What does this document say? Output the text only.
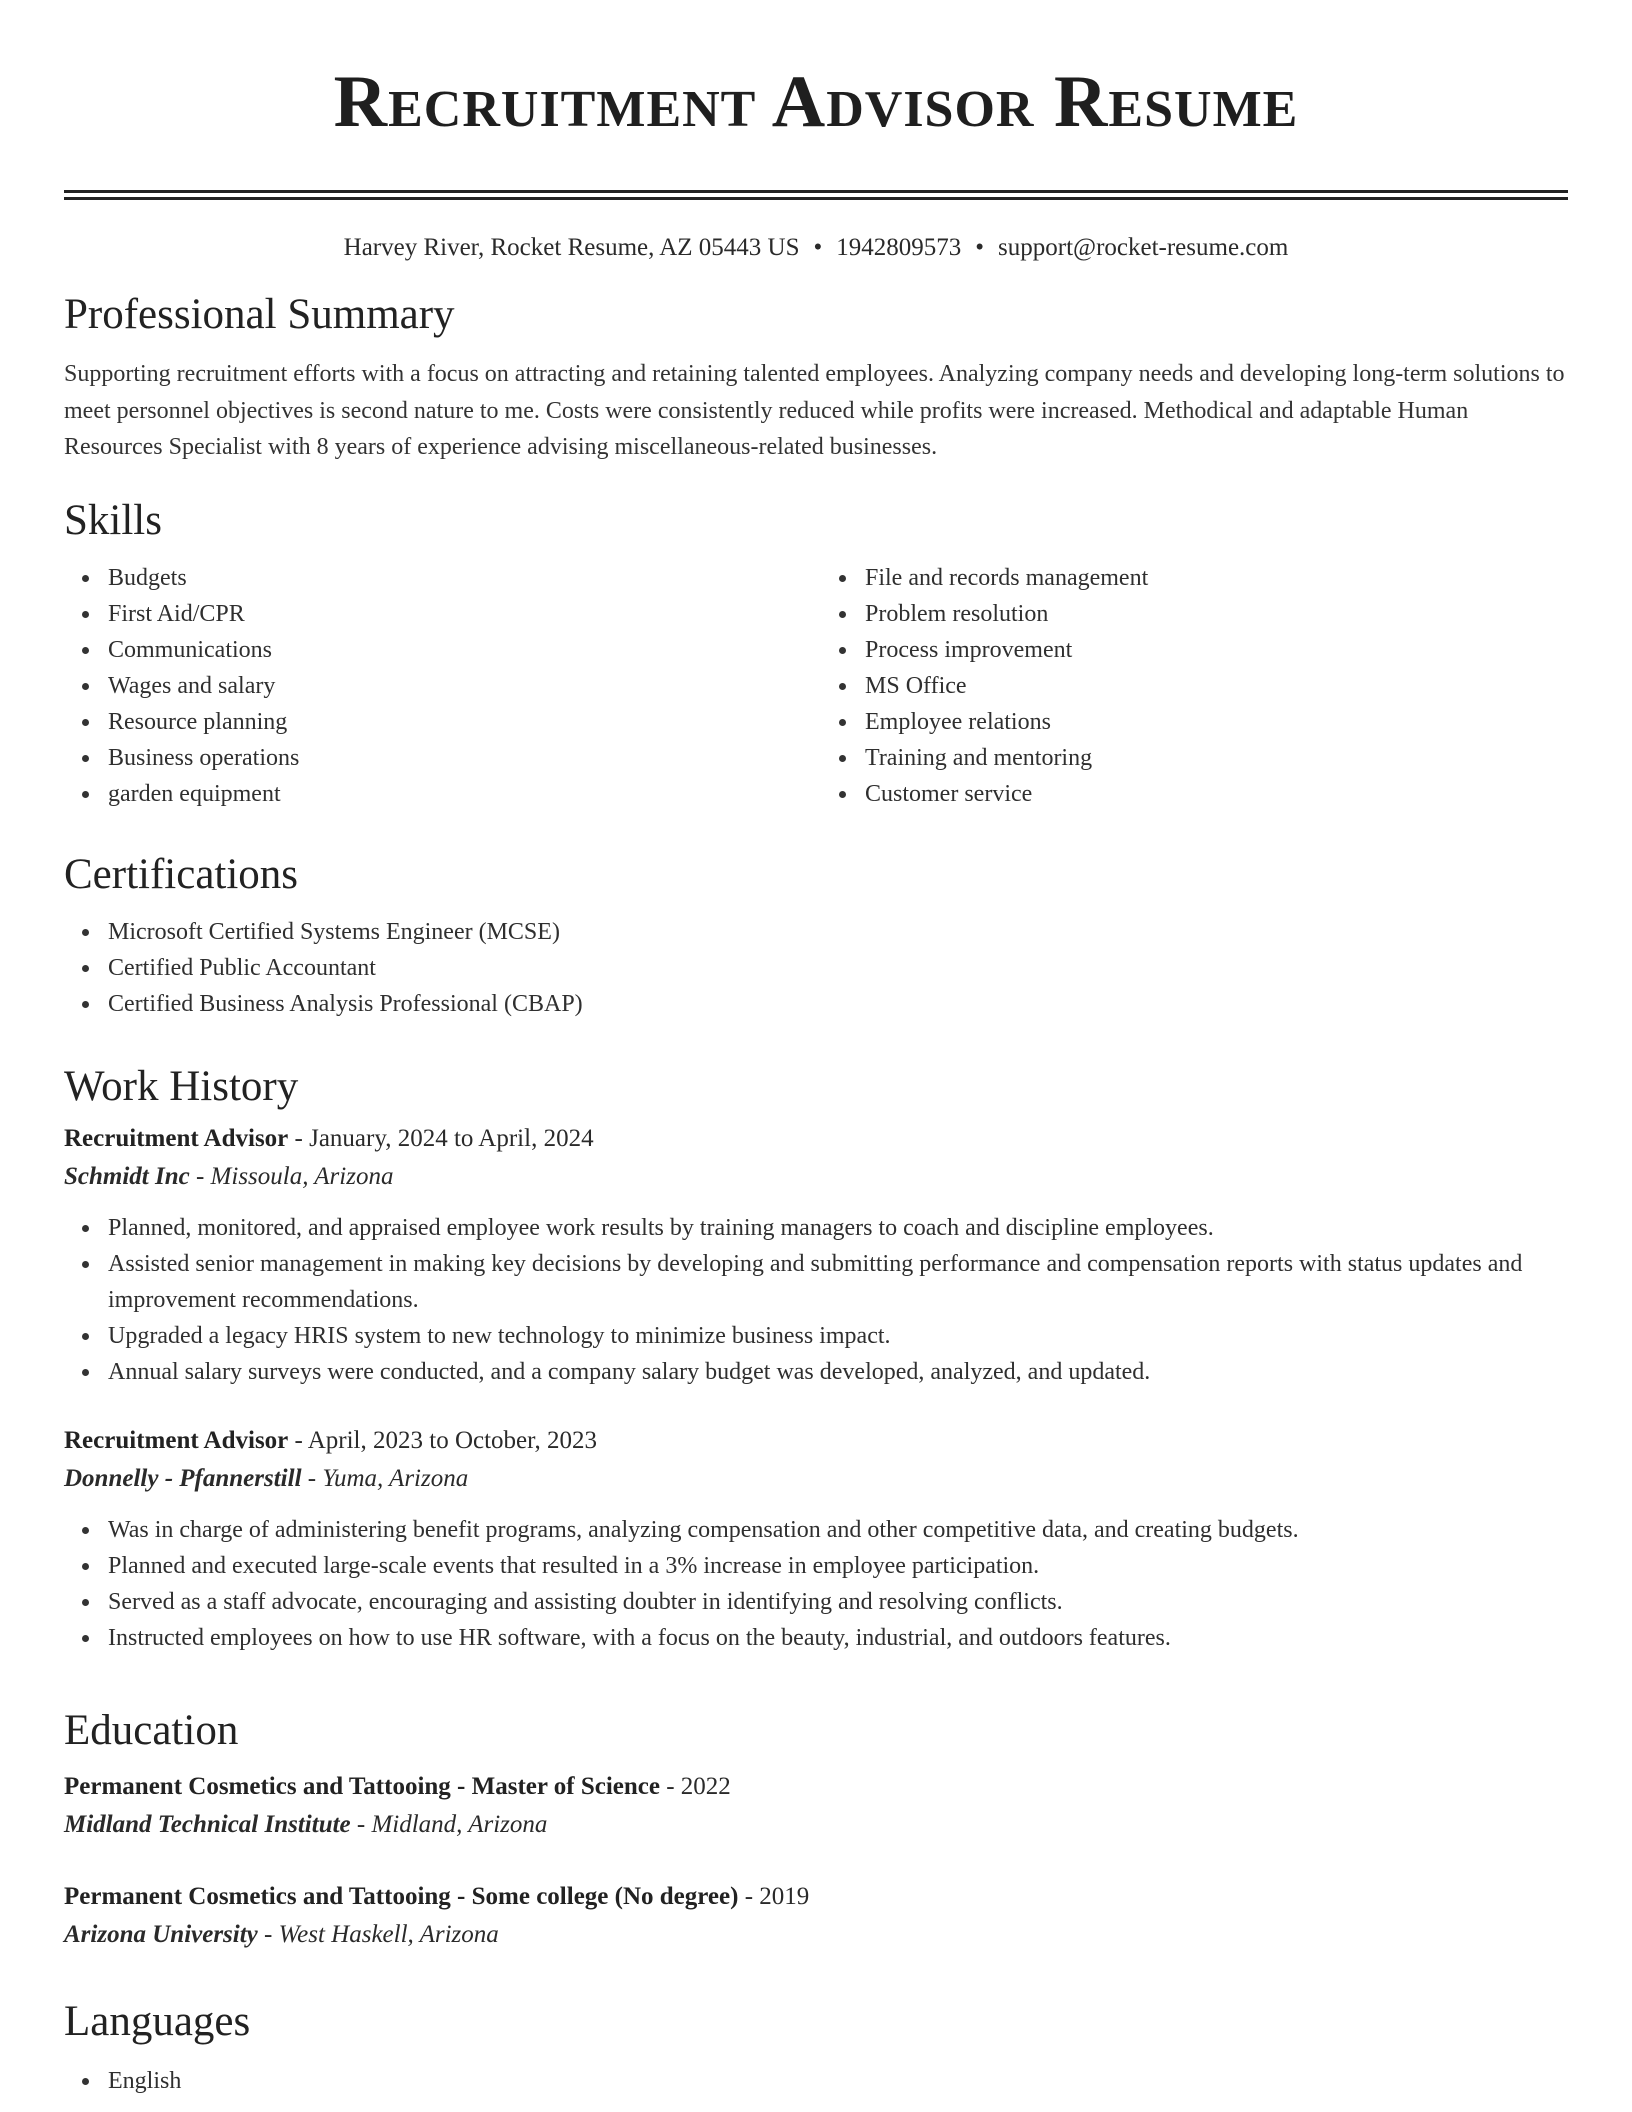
Recruitment Advisor Resume
Harvey River, Rocket Resume, AZ 05443 US • 1942809573 • support@rocket-resume.com
Professional Summary

Supporting recruitment efforts with a focus on attracting and retaining talented employees. Analyzing company needs and developing long-term solutions to meet personnel objectives is second nature to me. Costs were consistently reduced while profits were increased. Methodical and adaptable Human Resources Specialist with 8 years of experience advising miscellaneous-related businesses.

Skills
Budgets
First Aid/CPR
Communications
Wages and salary
Resource planning
Business operations
garden equipment
File and records management
Problem resolution
Process improvement
MS Office
Employee relations
Training and mentoring
Customer service
Certifications
Microsoft Certified Systems Engineer (MCSE)
Certified Public Accountant
Certified Business Analysis Professional (CBAP)
Work History
Recruitment Advisor - January, 2024 to April, 2024
Schmidt Inc - Missoula, Arizona
Planned, monitored, and appraised employee work results by training managers to coach and discipline employees.
Assisted senior management in making key decisions by developing and submitting performance and compensation reports with status updates and improvement recommendations.
Upgraded a legacy HRIS system to new technology to minimize business impact.
Annual salary surveys were conducted, and a company salary budget was developed, analyzed, and updated.
Recruitment Advisor - April, 2023 to October, 2023
Donnelly - Pfannerstill - Yuma, Arizona
Was in charge of administering benefit programs, analyzing compensation and other competitive data, and creating budgets.
Planned and executed large-scale events that resulted in a 3% increase in employee participation.
Served as a staff advocate, encouraging and assisting doubter in identifying and resolving conflicts.
Instructed employees on how to use HR software, with a focus on the beauty, industrial, and outdoors features.
Education
Permanent Cosmetics and Tattooing - Master of Science - 2022
Midland Technical Institute - Midland, Arizona
Permanent Cosmetics and Tattooing - Some college (No degree) - 2019
Arizona University - West Haskell, Arizona
Languages
English
